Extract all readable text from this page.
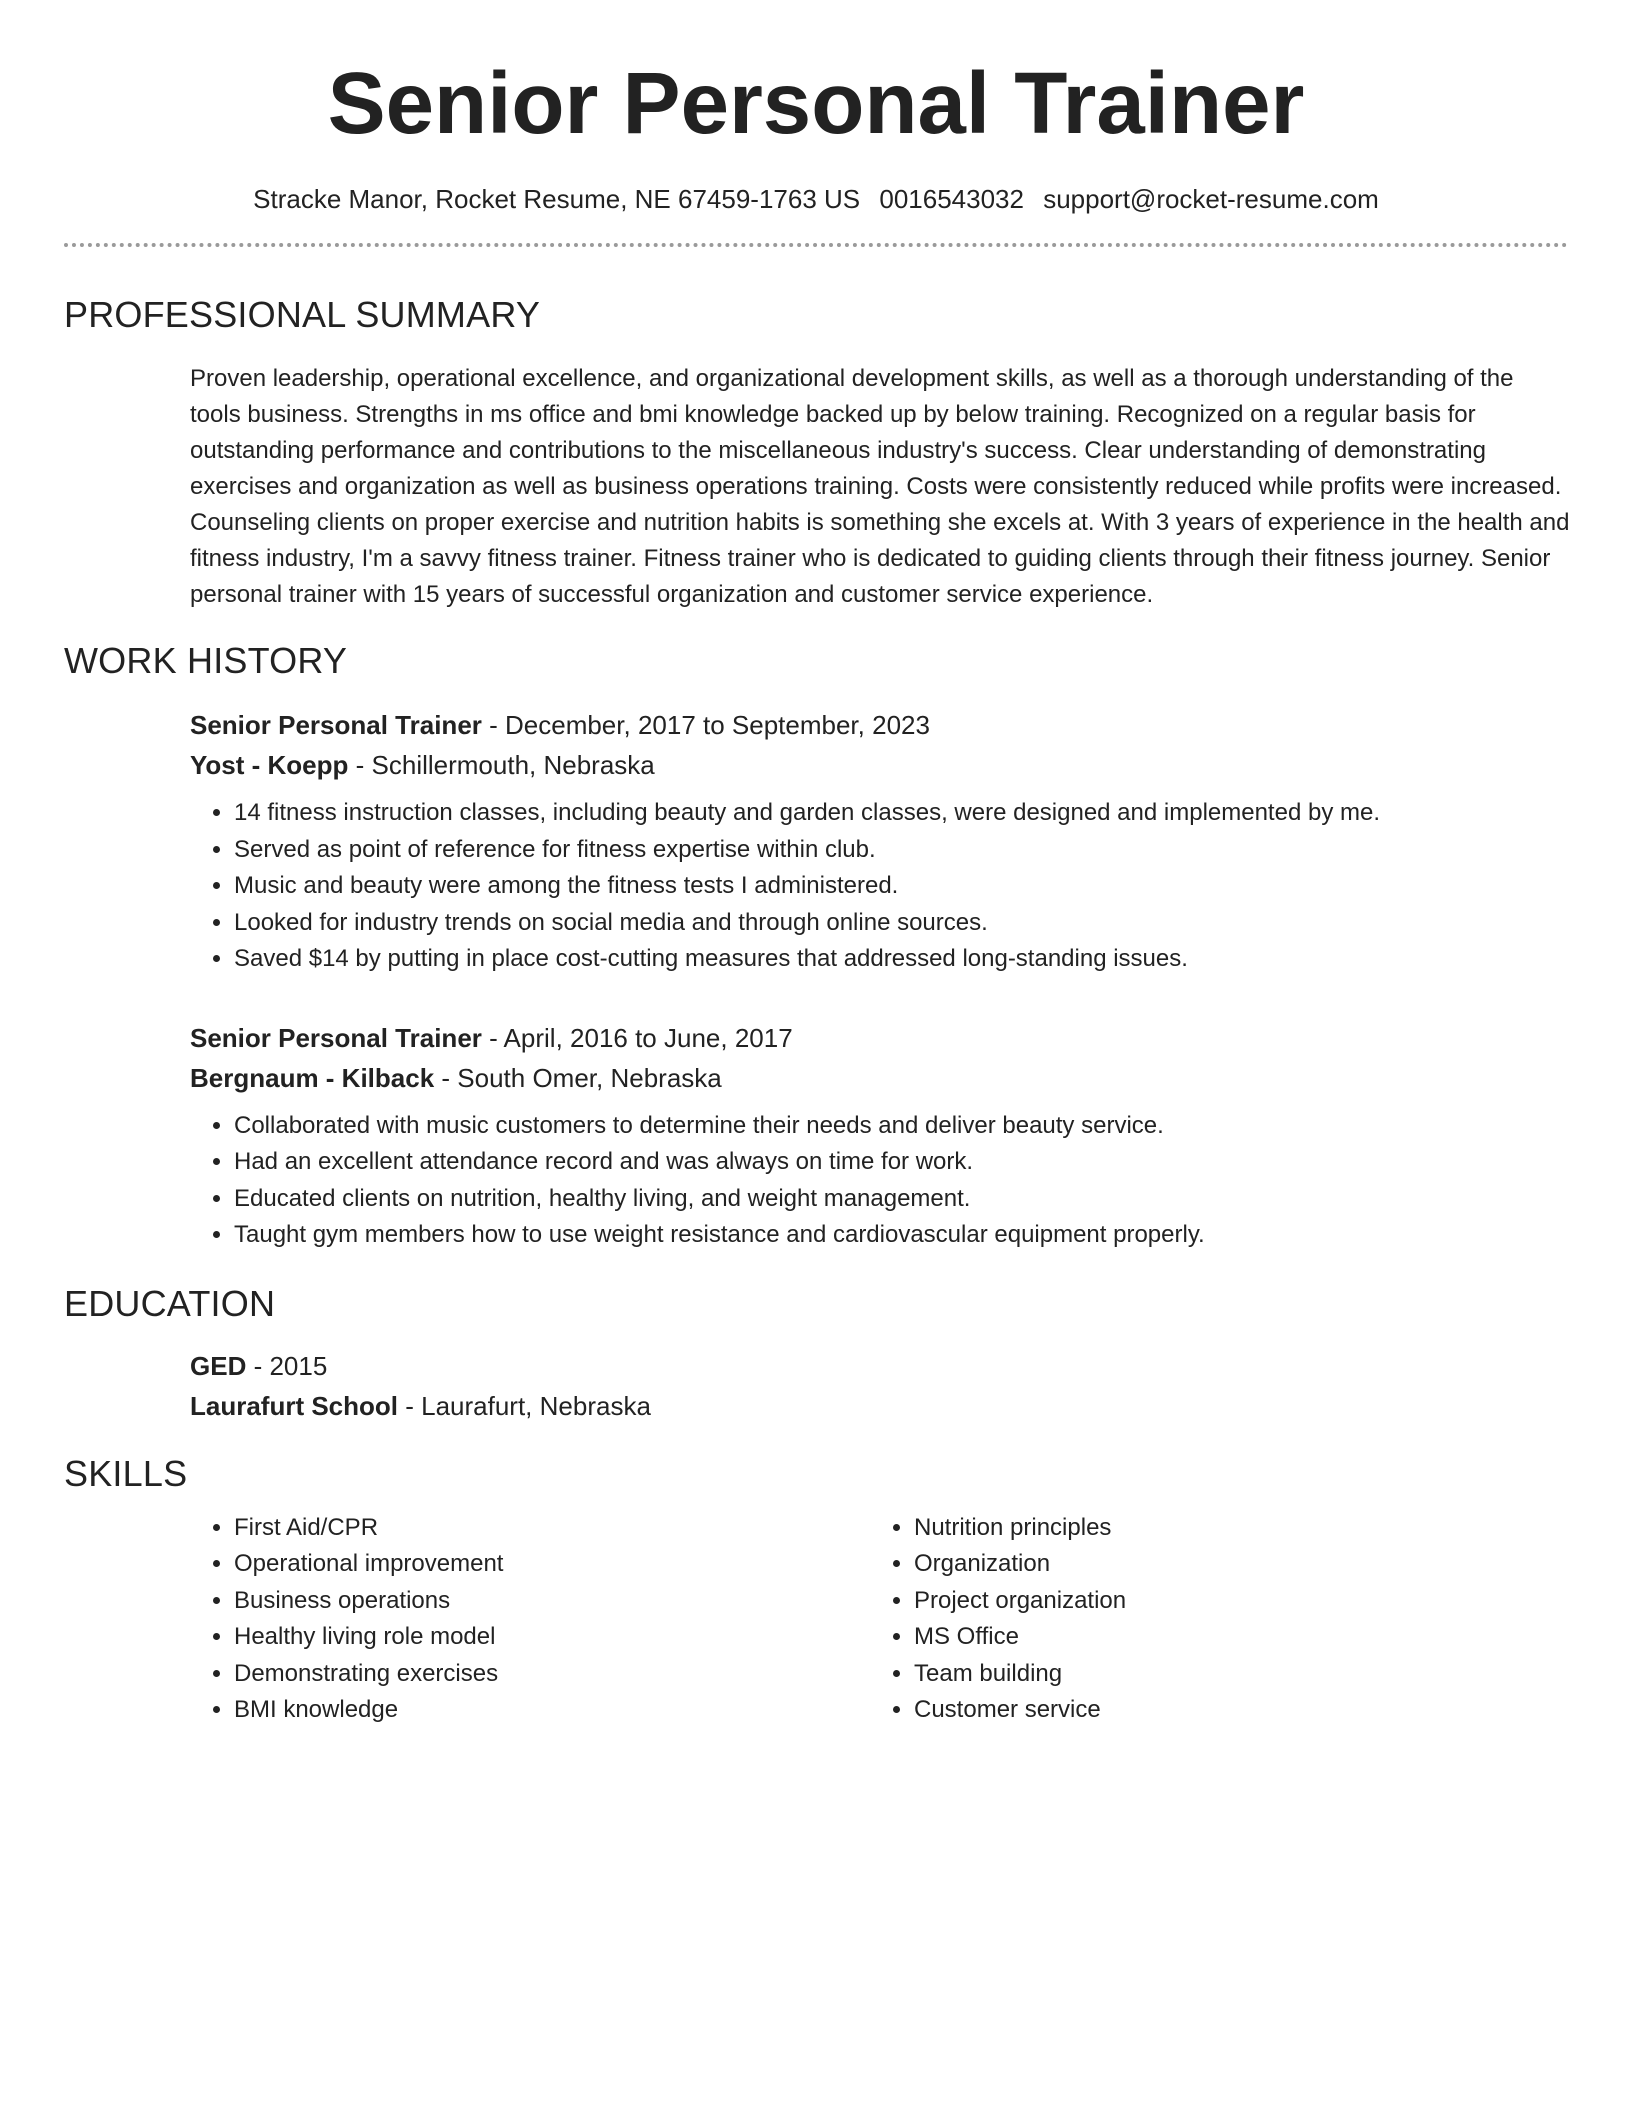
Senior Personal Trainer
Stracke Manor, Rocket Resume, NE 67459-1763 US 0016543032 support@rocket-resume.com
PROFESSIONAL SUMMARY

Proven leadership, operational excellence, and organizational development skills, as well as a thorough understanding of the tools business. Strengths in ms office and bmi knowledge backed up by below training. Recognized on a regular basis for outstanding performance and contributions to the miscellaneous industry's success. Clear understanding of demonstrating exercises and organization as well as business operations training. Costs were consistently reduced while profits were increased. Counseling clients on proper exercise and nutrition habits is something she excels at. With 3 years of experience in the health and fitness industry, I'm a savvy fitness trainer. Fitness trainer who is dedicated to guiding clients through their fitness journey. Senior personal trainer with 15 years of successful organization and customer service experience.

WORK HISTORY
Senior Personal Trainer - December, 2017 to September, 2023
Yost - Koepp - Schillermouth, Nebraska
• 14 fitness instruction classes, including beauty and garden classes, were designed and implemented by me.
• Served as point of reference for fitness expertise within club.
• Music and beauty were among the fitness tests I administered.
• Looked for industry trends on social media and through online sources.
• Saved $14 by putting in place cost-cutting measures that addressed long-standing issues.
Senior Personal Trainer - April, 2016 to June, 2017
Bergnaum - Kilback - South Omer, Nebraska
• Collaborated with music customers to determine their needs and deliver beauty service.
• Had an excellent attendance record and was always on time for work.
• Educated clients on nutrition, healthy living, and weight management.
• Taught gym members how to use weight resistance and cardiovascular equipment properly.
EDUCATION
GED - 2015
Laurafurt School - Laurafurt, Nebraska
SKILLS
• First Aid/CPR
• Operational improvement
• Business operations
• Healthy living role model
• Demonstrating exercises
• BMI knowledge
• Nutrition principles
• Organization
• Project organization
• MS Office
• Team building
• Customer service
